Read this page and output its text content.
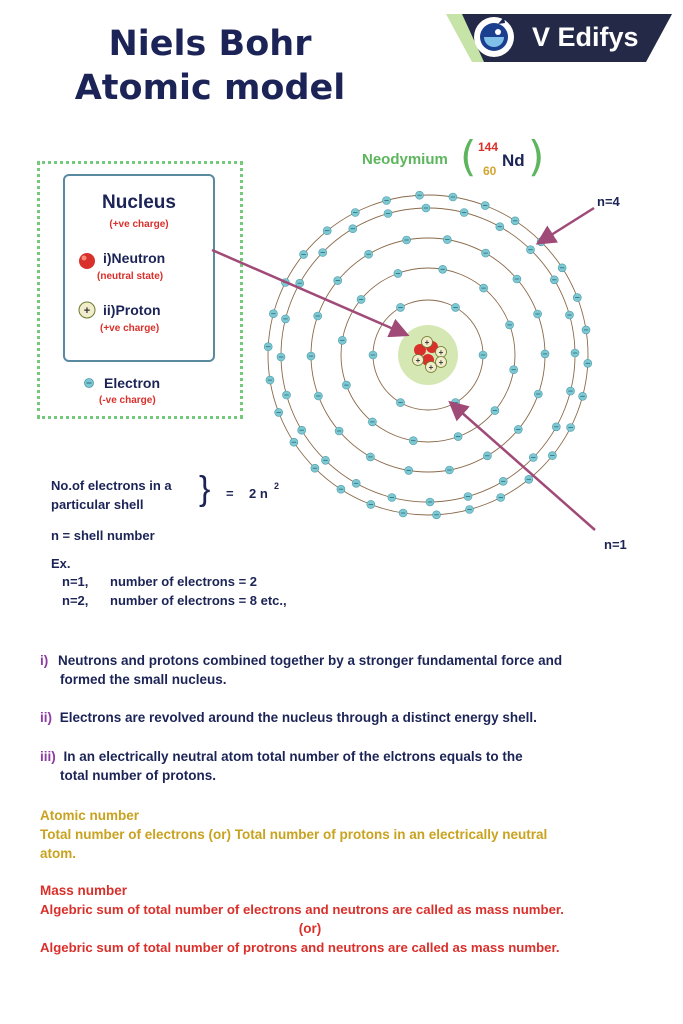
Niels Bohr
Atomic model
V Edifys
Neodymium ( 144
60
Nd )
Nucleus
(+ve charge)
i)Neutron
(neutral state)
+ ii)Proton
(+ve charge)
Electron
(-ve charge)
+
+
+
+
+
n=4
n=1
No.of electrons in a
particular shell } = 2 n 2
n = shell number
Ex.
n=1, number of electrons = 2
n=2, number of electrons = 8 etc.,
i) Neutrons and protons combined together by a stronger fundamental force and
formed the small nucleus.
ii) Electrons are revolved around the nucleus through a distinct energy shell.
iii) In an electrically neutral atom total number of the elctrons equals to the
total number of protons.
Atomic number
Total number of electrons (or) Total number of protons in an electrically neutral
atom.
Mass number
Algebric sum of total number of electrons and neutrons are called as mass number.
(or)
Algebric sum of total number of protrons and neutrons are called as mass number.
